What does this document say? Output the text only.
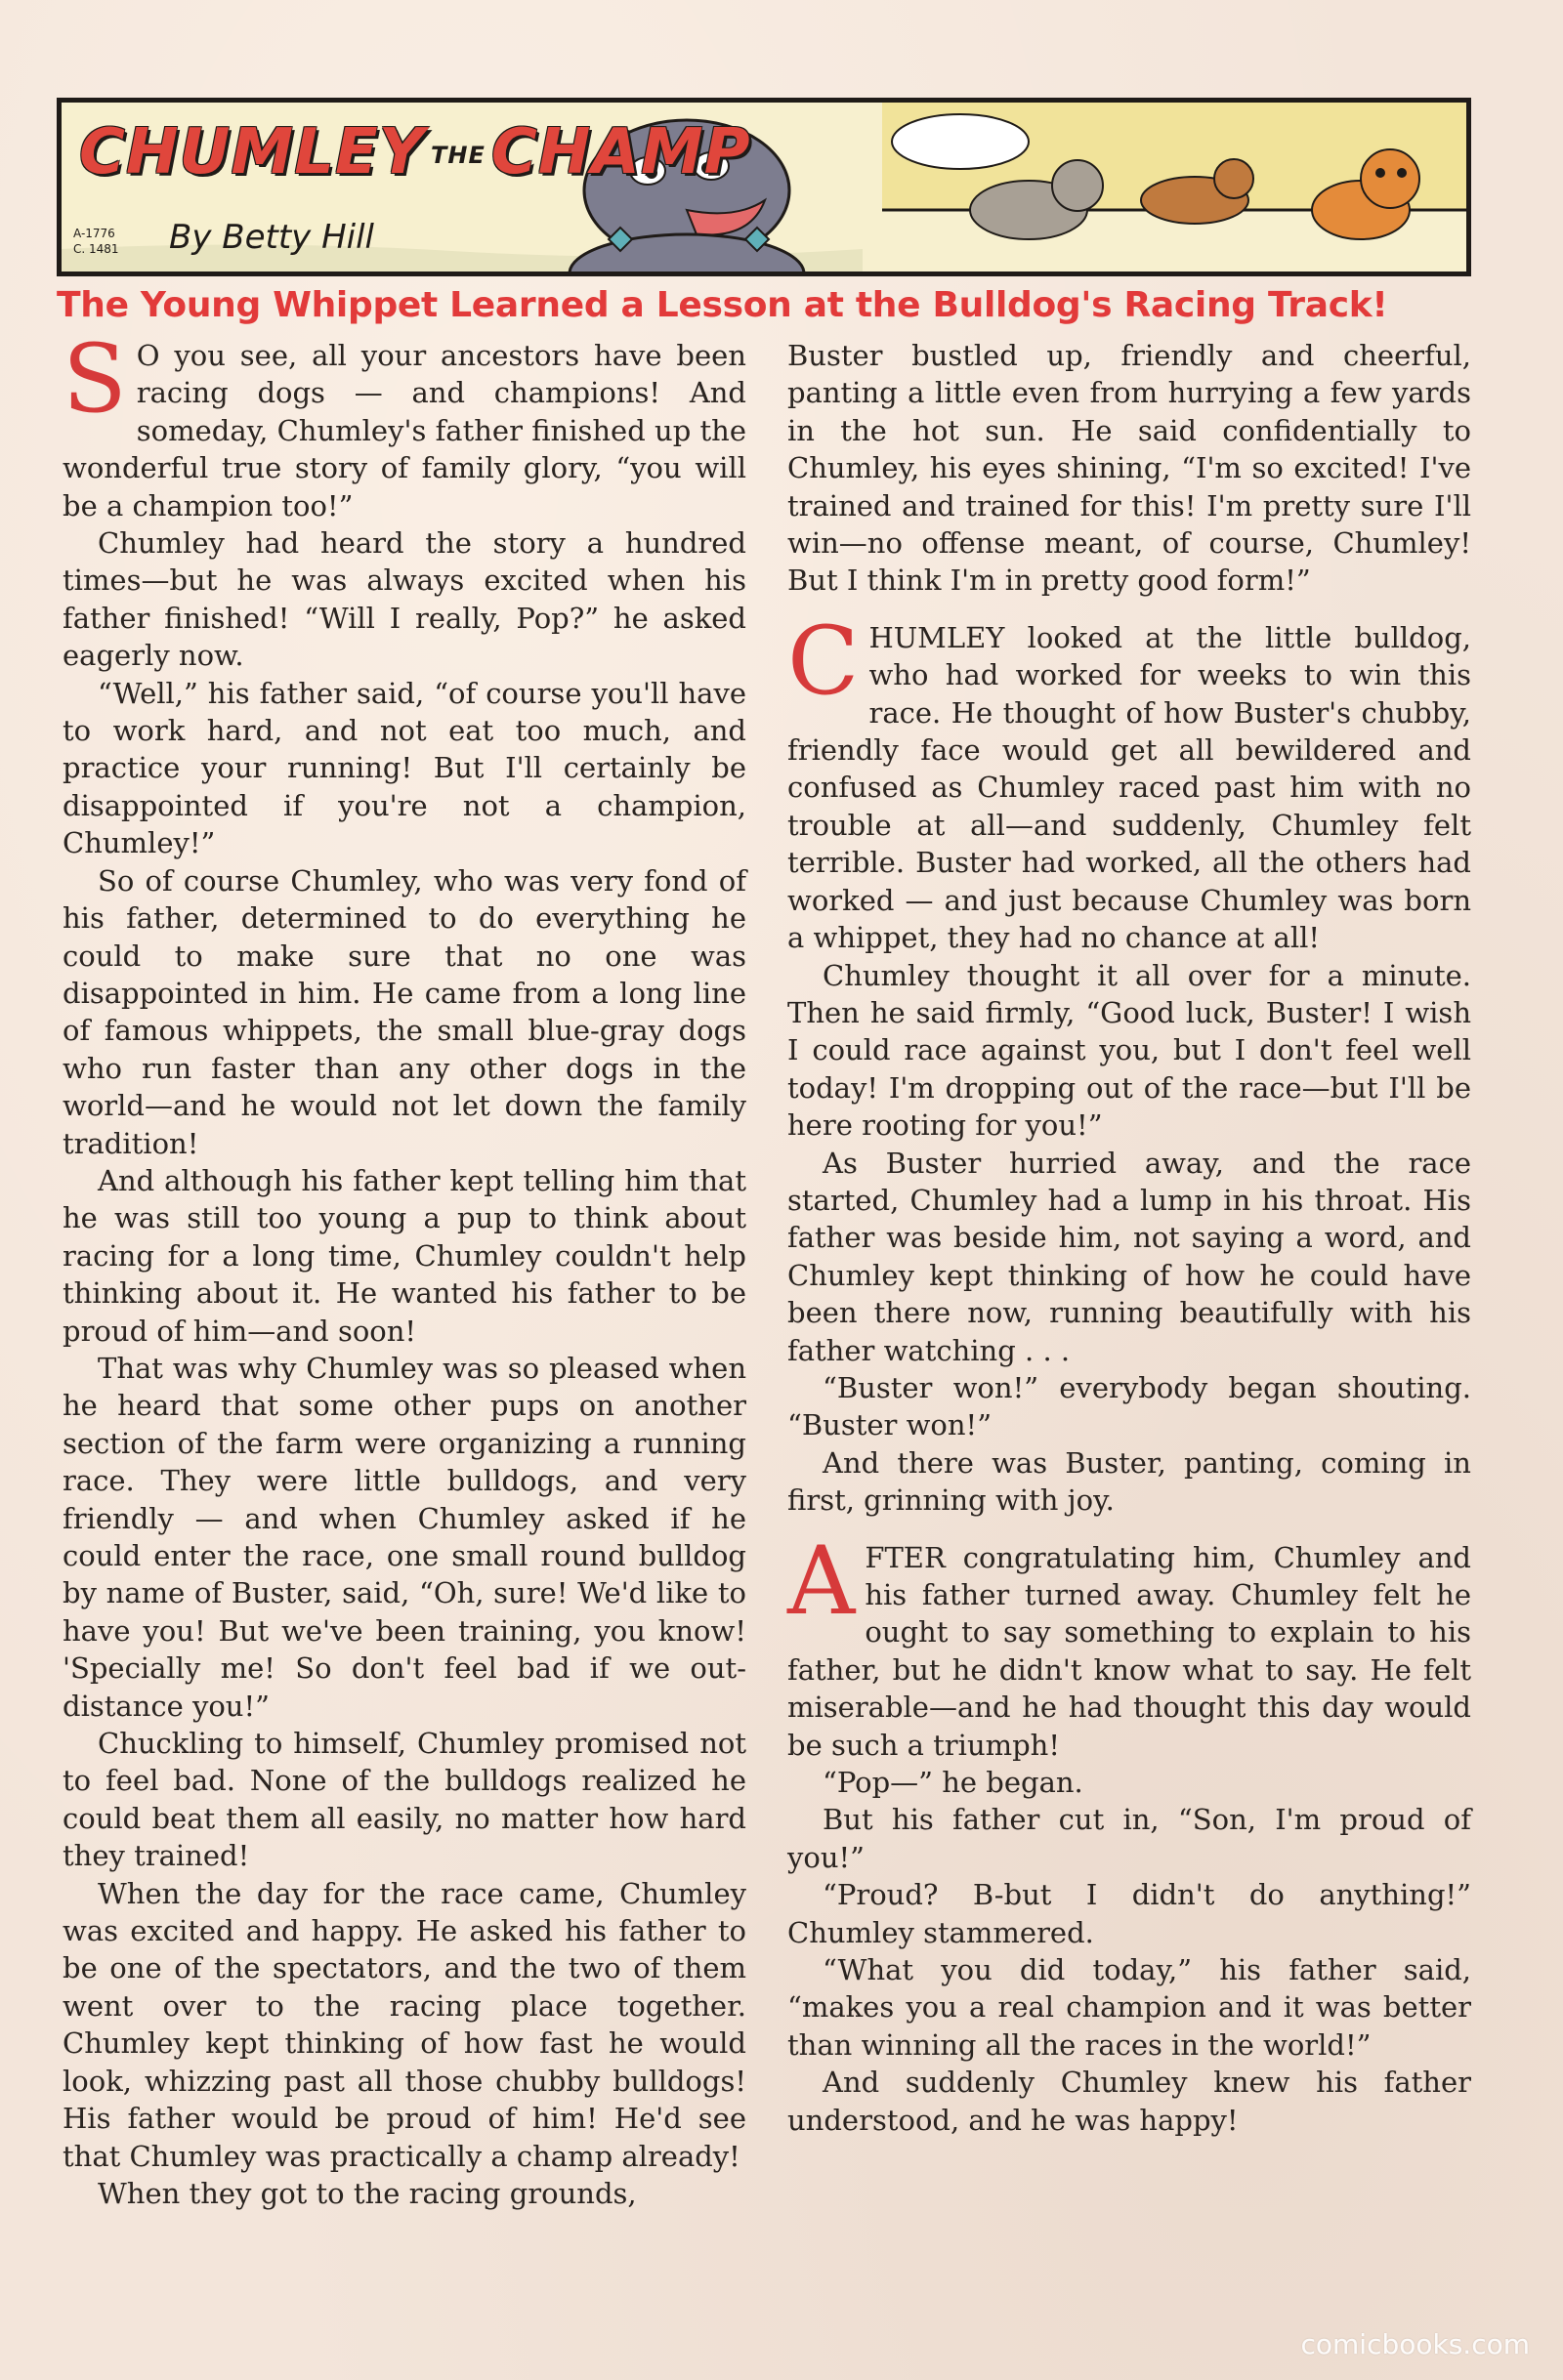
CHUMLEY THECHAMP
A-1776
C. 1481 By Betty Hill
The Young Whippet Learned a Lesson at the Bulldog's Racing Track!

S O you see, all your ancestors have been racing dogs — and champions! And someday, Chumley's father finished up the wonderful true story of family glory, “you will be a champion too!”

Chumley had heard the story a hundred times—but he was always excited when his father finished! “Will I really, Pop?” he asked eagerly now.

“Well,” his father said, “of course you'll have to work hard, and not eat too much, and practice your running! But I'll certainly be disappointed if you're not a champion, Chumley!”

So of course Chumley, who was very fond of his father, determined to do everything he could to make sure that no one was disappointed in him. He came from a long line of famous whippets, the small blue-gray dogs who run faster than any other dogs in the world—and he would not let down the family tradition!

And although his father kept telling him that he was still too young a pup to think about racing for a long time, Chumley couldn't help thinking about it. He wanted his father to be proud of him—and soon!

That was why Chumley was so pleased when he heard that some other pups on another section of the farm were organizing a running race. They were little bulldogs, and very friendly — and when Chumley asked if he could enter the race, one small round bulldog by name of Buster, said, “Oh, sure! We'd like to have you! But we've been training, you know! 'Specially me! So don't feel bad if we out-distance you!”

Chuckling to himself, Chumley promised not to feel bad. None of the bulldogs realized he could beat them all easily, no matter how hard they trained!

When the day for the race came, Chumley was excited and happy. He asked his father to be one of the spectators, and the two of them went over to the racing place together. Chumley kept thinking of how fast he would look, whizzing past all those chubby bulldogs! His father would be proud of him! He'd see that Chumley was practically a champ already!

When they got to the racing grounds,

Buster bustled up, friendly and cheerful, panting a little even from hurrying a few yards in the hot sun. He said confidentially to Chumley, his eyes shining, “I'm so excited! I've trained and trained for this! I'm pretty sure I'll win—no offense meant, of course, Chumley! But I think I'm in pretty good form!”

CHUMLEY looked at the little bulldog, who had worked for weeks to win this race. He thought of how Buster's chubby, friendly face would get all bewildered and confused as Chumley raced past him with no trouble at all—and suddenly, Chumley felt terrible. Buster had worked, all the others had worked — and just because Chumley was born a whippet, they had no chance at all!

Chumley thought it all over for a minute. Then he said firmly, “Good luck, Buster! I wish I could race against you, but I don't feel well today! I'm dropping out of the race—but I'll be here rooting for you!”

As Buster hurried away, and the race started, Chumley had a lump in his throat. His father was beside him, not saying a word, and Chumley kept thinking of how he could have been there now, running beautifully with his father watching . . .

“Buster won!” everybody began shouting. “Buster won!”

And there was Buster, panting, coming in first, grinning with joy.

AFTER congratulating him, Chumley and his father turned away. Chumley felt he ought to say something to explain to his father, but he didn't know what to say. He felt miserable—and he had thought this day would be such a triumph!

“Pop—” he began.

But his father cut in, “Son, I'm proud of you!”

“Proud? B-but I didn't do anything!” Chumley stammered.

“What you did today,” his father said, “makes you a real champion and it was better than winning all the races in the world!”

And suddenly Chumley knew his father understood, and he was happy!

comicbooks.com
